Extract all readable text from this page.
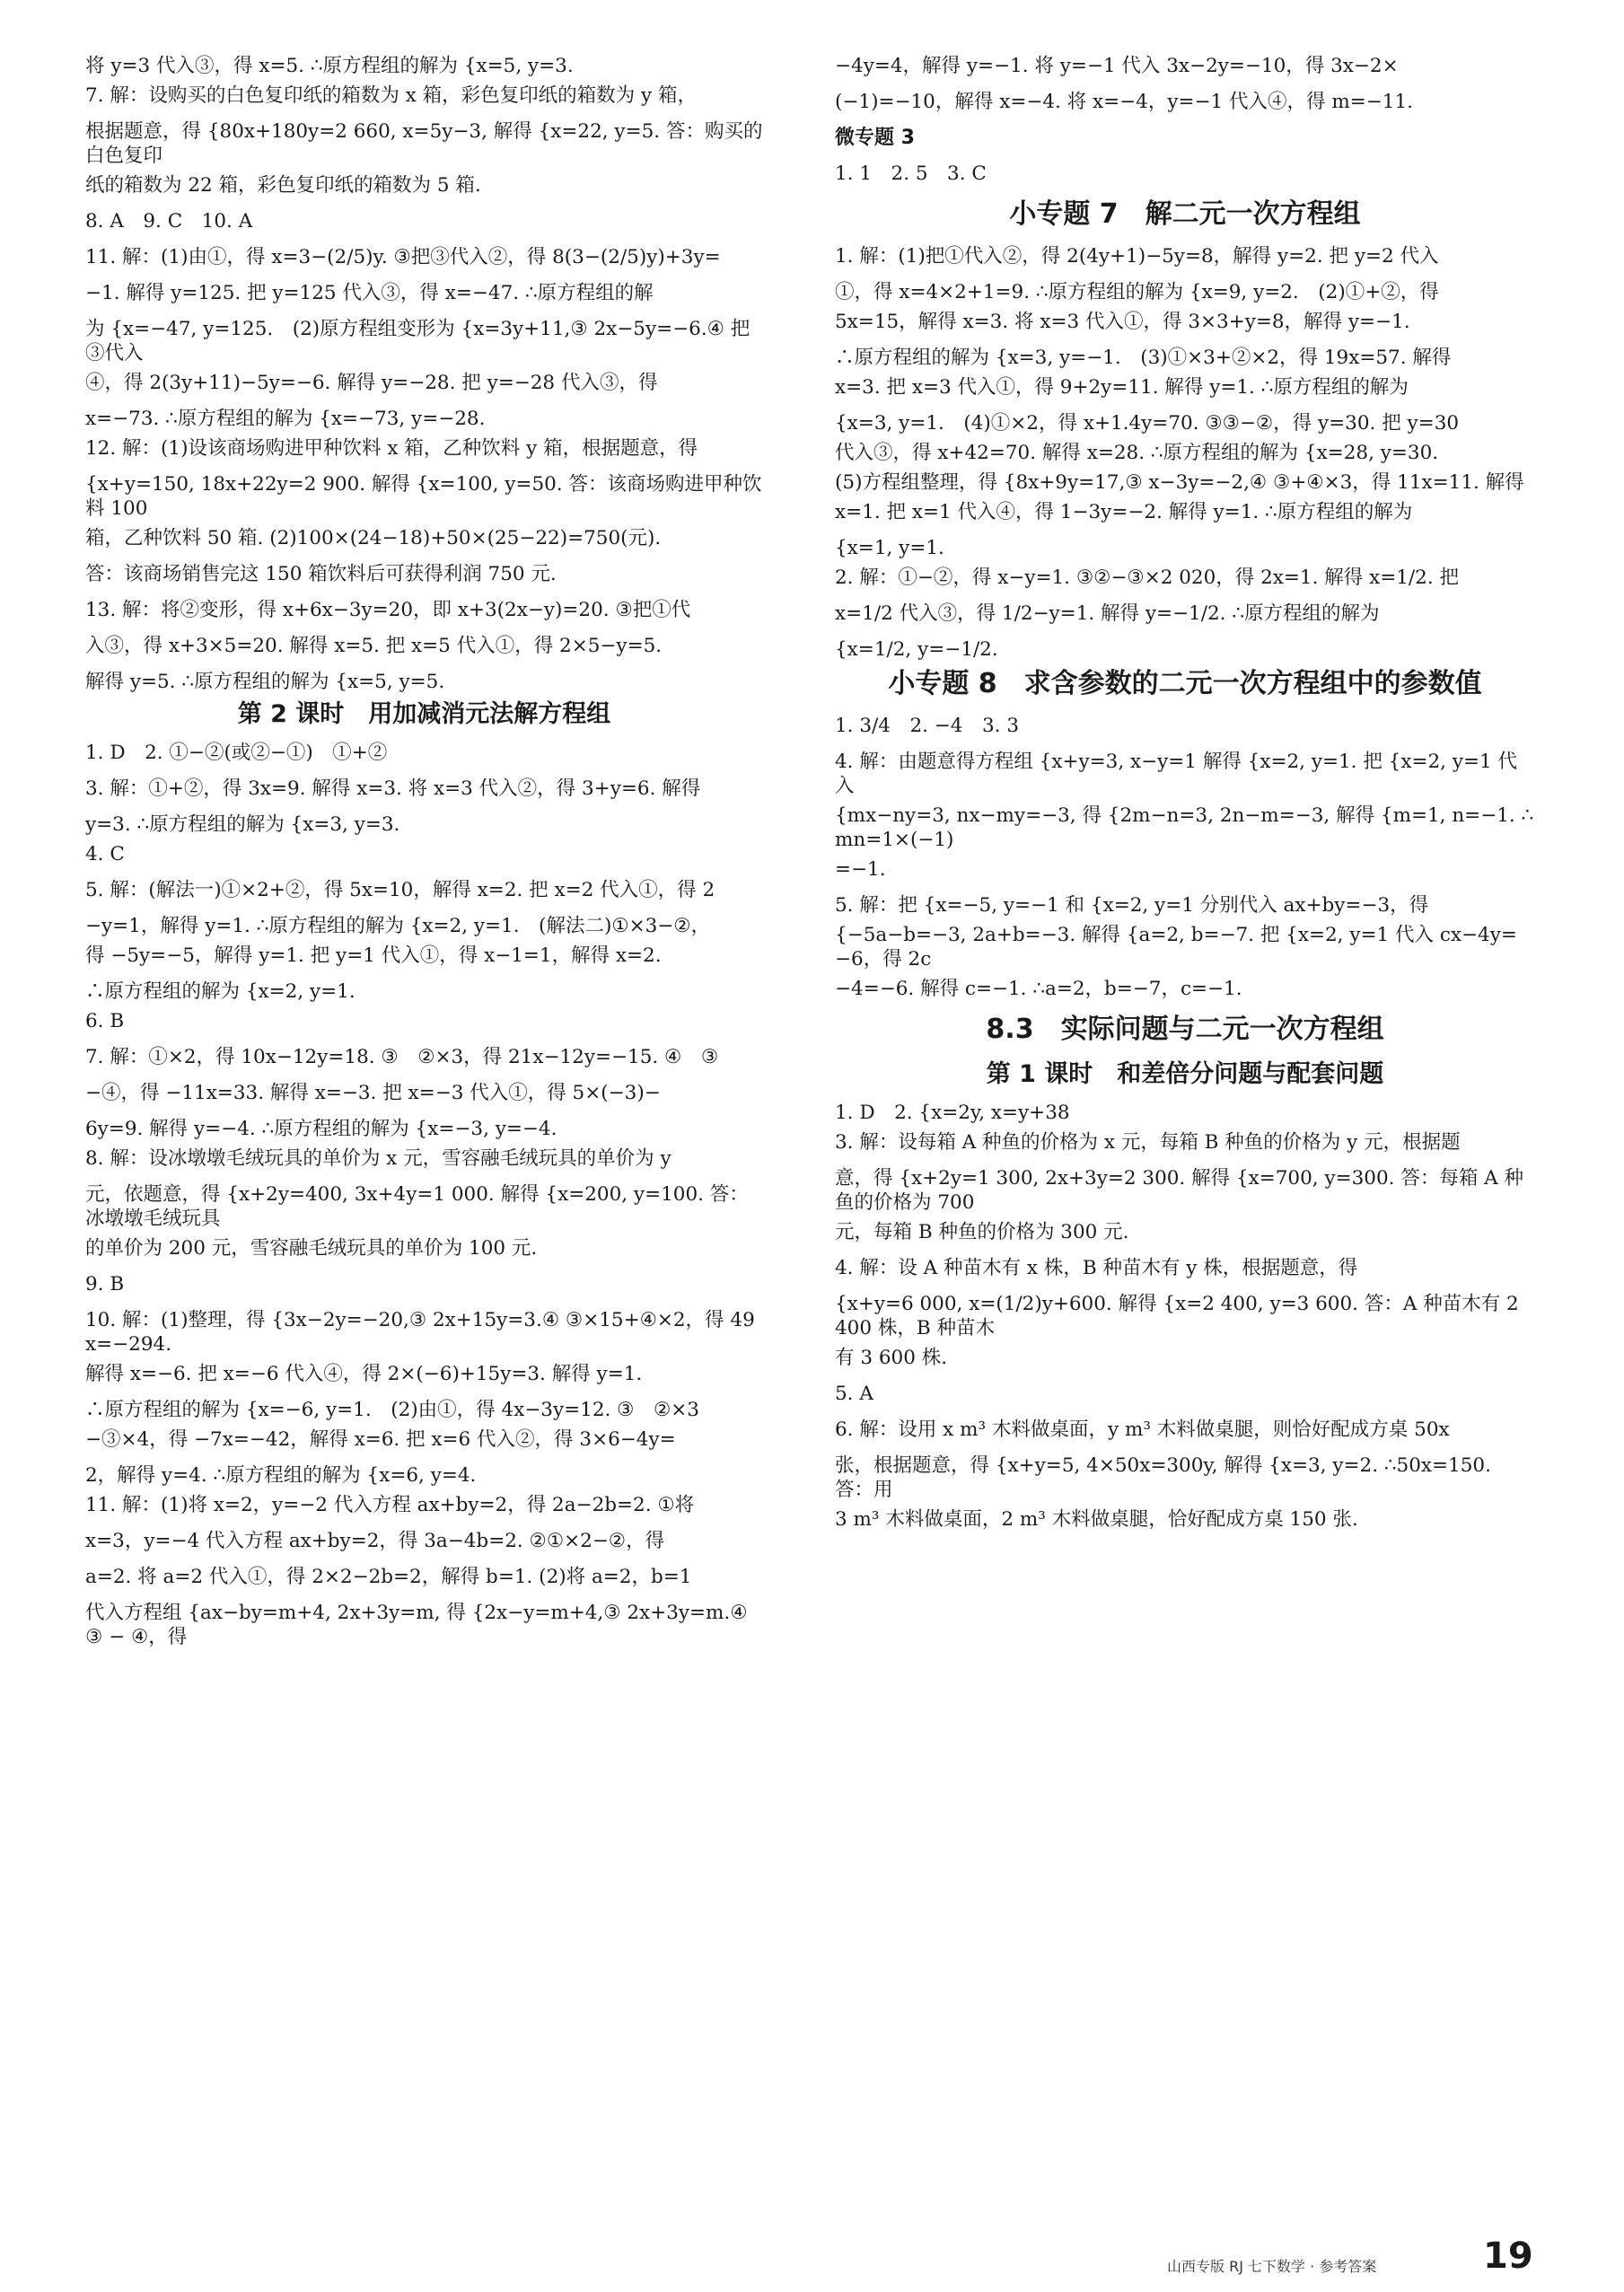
将 y=3 代入③，得 x=5. ∴原方程组的解为 {x=5, y=3.
7. 解：设购买的白色复印纸的箱数为 x 箱，彩色复印纸的箱数为 y 箱，
根据题意，得 {80x+180y=2 660, x=5y−3, 解得 {x=22, y=5. 答：购买的白色复印
纸的箱数为 22 箱，彩色复印纸的箱数为 5 箱.
8. A　9. C　10. A
11. 解：(1)由①，得 x=3−(2/5)y. ③把③代入②，得 8(3−(2/5)y)+3y=
−1. 解得 y=125. 把 y=125 代入③，得 x=−47. ∴原方程组的解
为 {x=−47, y=125.　(2)原方程组变形为 {x=3y+11,③ 2x−5y=−6.④ 把③代入
④，得 2(3y+11)−5y=−6. 解得 y=−28. 把 y=−28 代入③，得
x=−73. ∴原方程组的解为 {x=−73, y=−28.
12. 解：(1)设该商场购进甲种饮料 x 箱，乙种饮料 y 箱，根据题意，得
{x+y=150, 18x+22y=2 900. 解得 {x=100, y=50. 答：该商场购进甲种饮料 100
箱，乙种饮料 50 箱. (2)100×(24−18)+50×(25−22)=750(元).
答：该商场销售完这 150 箱饮料后可获得利润 750 元.
13. 解：将②变形，得 x+6x−3y=20，即 x+3(2x−y)=20. ③把①代
入③，得 x+3×5=20. 解得 x=5. 把 x=5 代入①，得 2×5−y=5.
解得 y=5. ∴原方程组的解为 {x=5, y=5.
第 2 课时　用加减消元法解方程组
1. D　2. ①−②(或②−①)　①+②
3. 解：①+②，得 3x=9. 解得 x=3. 将 x=3 代入②，得 3+y=6. 解得
y=3. ∴原方程组的解为 {x=3, y=3.
4. C
5. 解：(解法一)①×2+②，得 5x=10，解得 x=2. 把 x=2 代入①，得 2
−y=1，解得 y=1. ∴原方程组的解为 {x=2, y=1.　(解法二)①×3−②，
得 −5y=−5，解得 y=1. 把 y=1 代入①，得 x−1=1，解得 x=2.
∴原方程组的解为 {x=2, y=1.
6. B
7. 解：①×2，得 10x−12y=18. ③　②×3，得 21x−12y=−15. ④　③
−④，得 −11x=33. 解得 x=−3. 把 x=−3 代入①，得 5×(−3)−
6y=9. 解得 y=−4. ∴原方程组的解为 {x=−3, y=−4.
8. 解：设冰墩墩毛绒玩具的单价为 x 元，雪容融毛绒玩具的单价为 y
元，依题意，得 {x+2y=400, 3x+4y=1 000. 解得 {x=200, y=100. 答：冰墩墩毛绒玩具
的单价为 200 元，雪容融毛绒玩具的单价为 100 元.
9. B
10. 解：(1)整理，得 {3x−2y=−20,③ 2x+15y=3.④ ③×15+④×2，得 49x=−294.
解得 x=−6. 把 x=−6 代入④，得 2×(−6)+15y=3. 解得 y=1.
∴原方程组的解为 {x=−6, y=1.　(2)由①，得 4x−3y=12. ③　②×3
−③×4，得 −7x=−42，解得 x=6. 把 x=6 代入②，得 3×6−4y=
2，解得 y=4. ∴原方程组的解为 {x=6, y=4.
11. 解：(1)将 x=2，y=−2 代入方程 ax+by=2，得 2a−2b=2. ①将
x=3，y=−4 代入方程 ax+by=2，得 3a−4b=2. ②①×2−②，得
a=2. 将 a=2 代入①，得 2×2−2b=2，解得 b=1. (2)将 a=2，b=1
代入方程组 {ax−by=m+4, 2x+3y=m, 得 {2x−y=m+4,③ 2x+3y=m.④ ③ − ④，得
−4y=4，解得 y=−1. 将 y=−1 代入 3x−2y=−10，得 3x−2×
(−1)=−10，解得 x=−4. 将 x=−4，y=−1 代入④，得 m=−11.
微专题 3
1. 1　2. 5　3. C
小专题 7　解二元一次方程组
1. 解：(1)把①代入②，得 2(4y+1)−5y=8，解得 y=2. 把 y=2 代入
①，得 x=4×2+1=9. ∴原方程组的解为 {x=9, y=2.　(2)①+②，得
5x=15，解得 x=3. 将 x=3 代入①，得 3×3+y=8，解得 y=−1.
∴原方程组的解为 {x=3, y=−1.　(3)①×3+②×2，得 19x=57. 解得
x=3. 把 x=3 代入①，得 9+2y=11. 解得 y=1. ∴原方程组的解为
{x=3, y=1.　(4)①×2，得 x+1.4y=70. ③③−②，得 y=30. 把 y=30
代入③，得 x+42=70. 解得 x=28. ∴原方程组的解为 {x=28, y=30.
(5)方程组整理，得 {8x+9y=17,③ x−3y=−2,④ ③+④×3，得 11x=11. 解得
x=1. 把 x=1 代入④，得 1−3y=−2. 解得 y=1. ∴原方程组的解为
{x=1, y=1.
2. 解：①−②，得 x−y=1. ③②−③×2 020，得 2x=1. 解得 x=1/2. 把
x=1/2 代入③，得 1/2−y=1. 解得 y=−1/2. ∴原方程组的解为
{x=1/2, y=−1/2.
小专题 8　求含参数的二元一次方程组中的参数值
1. 3/4　2. −4　3. 3
4. 解：由题意得方程组 {x+y=3, x−y=1 解得 {x=2, y=1. 把 {x=2, y=1 代入
{mx−ny=3, nx−my=−3, 得 {2m−n=3, 2n−m=−3, 解得 {m=1, n=−1. ∴mn=1×(−1)
=−1.
5. 解：把 {x=−5, y=−1 和 {x=2, y=1 分别代入 ax+by=−3，得
{−5a−b=−3, 2a+b=−3. 解得 {a=2, b=−7. 把 {x=2, y=1 代入 cx−4y=−6，得 2c
−4=−6. 解得 c=−1. ∴a=2，b=−7，c=−1.
8.3　实际问题与二元一次方程组
第 1 课时　和差倍分问题与配套问题
1. D　2. {x=2y, x=y+38
3. 解：设每箱 A 种鱼的价格为 x 元，每箱 B 种鱼的价格为 y 元，根据题
意，得 {x+2y=1 300, 2x+3y=2 300. 解得 {x=700, y=300. 答：每箱 A 种鱼的价格为 700
元，每箱 B 种鱼的价格为 300 元.
4. 解：设 A 种苗木有 x 株，B 种苗木有 y 株，根据题意，得
{x+y=6 000, x=(1/2)y+600. 解得 {x=2 400, y=3 600. 答：A 种苗木有 2 400 株，B 种苗木
有 3 600 株.
5. A
6. 解：设用 x m³ 木料做桌面，y m³ 木料做桌腿，则恰好配成方桌 50x
张，根据题意，得 {x+y=5, 4×50x=300y, 解得 {x=3, y=2. ∴50x=150. 答：用
3 m³ 木料做桌面，2 m³ 木料做桌腿，恰好配成方桌 150 张.
山西专版 RJ 七下数学 · 参考答案	19
